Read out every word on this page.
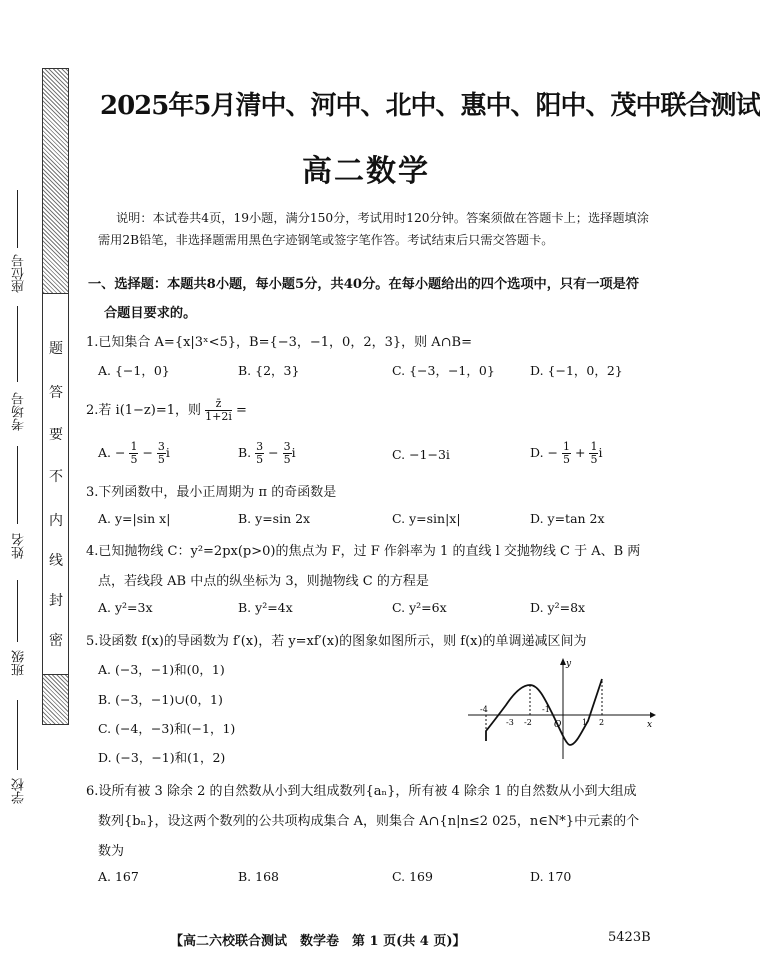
密
封
线
内
不
要
答
题
座位号
考场号
姓名
班级
学校
2025年5月清中、河中、北中、惠中、阳中、茂中联合测试
高二数学
说明：本试卷共4页，19小题，满分150分，考试用时120分钟。答案须做在答题卡上；选择题填涂需用2B铅笔，非选择题需用黑色字迹钢笔或签字笔作答。考试结束后只需交答题卡。
一、选择题：本题共8小题，每小题5分，共40分。在每小题给出的四个选项中，只有一项是符
合题目要求的。
1.已知集合 A={x|3ˣ<5}，B={−3，−1，0，2，3}，则 A∩B=
A. {−1，0}	B. {2，3}	C. {−3，−1，0}	D. {−1，0，2}
2.若 i(1−z)=1，则 $\frac{z̄}{1+2i}$ =
A. − $\frac{1}{5} - \frac{3}{5}$ i	B. $\frac{3}{5} - \frac{3}{5}$ i	C. −1−3i	D. − $\frac{1}{5} + \frac{1}{5}$ i
3.下列函数中，最小正周期为 π 的奇函数是
A. y=|sin x|	B. y=sin 2x	C. y=sin|x|	D. y=tan 2x
4.已知抛物线 C：y²=2px(p>0)的焦点为 F，过 F 作斜率为 1 的直线 l 交抛物线 C 于 A、B 两
点，若线段 AB 中点的纵坐标为 3，则抛物线 C 的方程是
A. y²=3x	B. y²=4x	C. y²=6x	D. y²=8x
5.设函数 f(x)的导函数为 f′(x)，若 y=xf′(x)的图象如图所示，则 f(x)的单调递减区间为
A. (−3，−1)和(0，1)
B. (−3，−1)∪(0，1)
C. (−4，−3)和(−1，1)
D. (−3，−1)和(1，2)
x
y
O
-4
-3 -2
-1
1 2
6.设所有被 3 除余 2 的自然数从小到大组成数列{aₙ}，所有被 4 除余 1 的自然数从小到大组成
数列{bₙ}，设这两个数列的公共项构成集合 A，则集合 A∩{n|n≤2 025，n∈N*}中元素的个
数为
A. 167	B. 168	C. 169	D. 170
【高二六校联合测试　数学卷　第 1 页(共 4 页)】	5423B
